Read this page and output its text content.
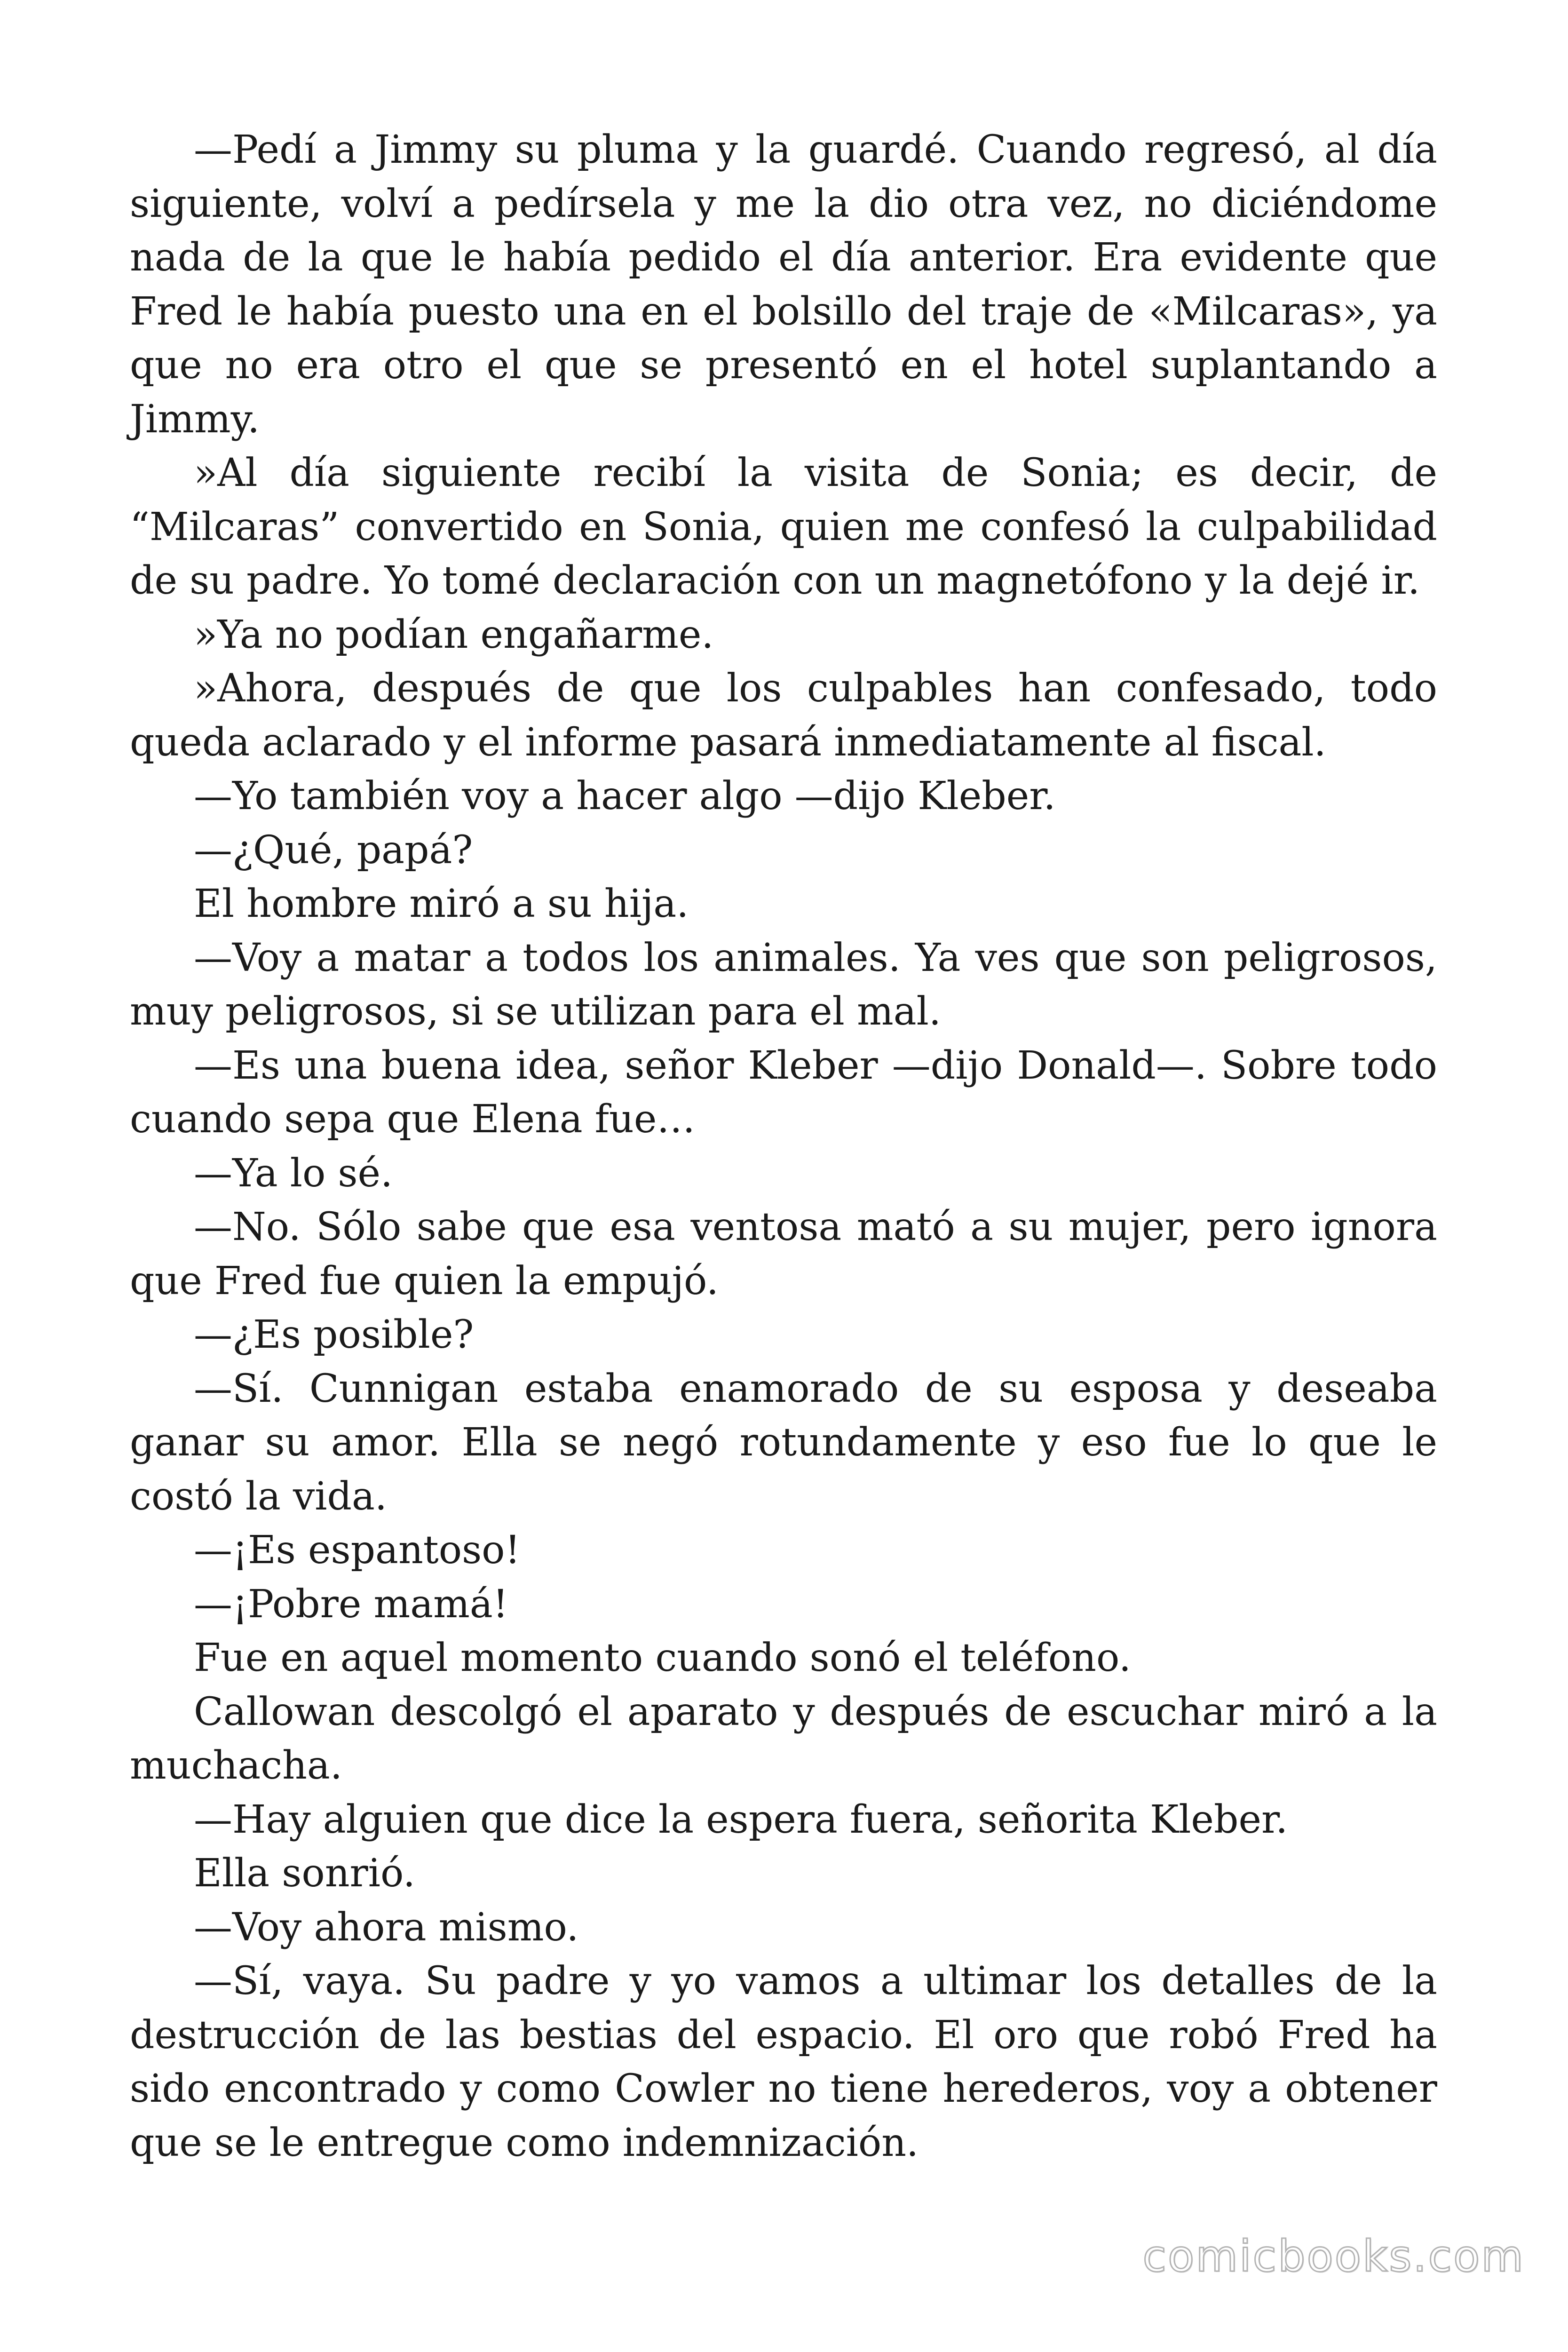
—Pedí a Jimmy su pluma y la guardé. Cuando regresó, al día siguiente, volví a pedírsela y me la dio otra vez, no diciéndome nada de la que le había pedido el día anterior. Era evidente que Fred le había puesto una en el bolsillo del traje de «Milcaras», ya que no era otro el que se presentó en el hotel suplantando a Jimmy.

»Al día siguiente recibí la visita de Sonia; es decir, de “Milcaras” convertido en Sonia, quien me confesó la culpabilidad de su padre. Yo tomé declaración con un magnetófono y la dejé ir.

»Ya no podían engañarme.

»Ahora, después de que los culpables han confesado, todo queda aclarado y el informe pasará inmediatamente al fiscal.

—Yo también voy a hacer algo —dijo Kleber.

—¿Qué, papá?

El hombre miró a su hija.

—Voy a matar a todos los animales. Ya ves que son peligrosos, muy peligrosos, si se utilizan para el mal.

—Es una buena idea, señor Kleber —dijo Donald—. Sobre todo cuando sepa que Elena fue…

—Ya lo sé.

—No. Sólo sabe que esa ventosa mató a su mujer, pero ignora que Fred fue quien la empujó.

—¿Es posible?

—Sí. Cunnigan estaba enamorado de su esposa y deseaba ganar su amor. Ella se negó rotundamente y eso fue lo que le costó la vida.

—¡Es espantoso!

—¡Pobre mamá!

Fue en aquel momento cuando sonó el teléfono.

Callowan descolgó el aparato y después de escuchar miró a la muchacha.

—Hay alguien que dice la espera fuera, señorita Kleber.

Ella sonrió.

—Voy ahora mismo.

—Sí, vaya. Su padre y yo vamos a ultimar los detalles de la destrucción de las bestias del espacio. El oro que robó Fred ha sido encontrado y como Cowler no tiene herederos, voy a obtener que se le entregue como indemnización.

comicbooks.com
